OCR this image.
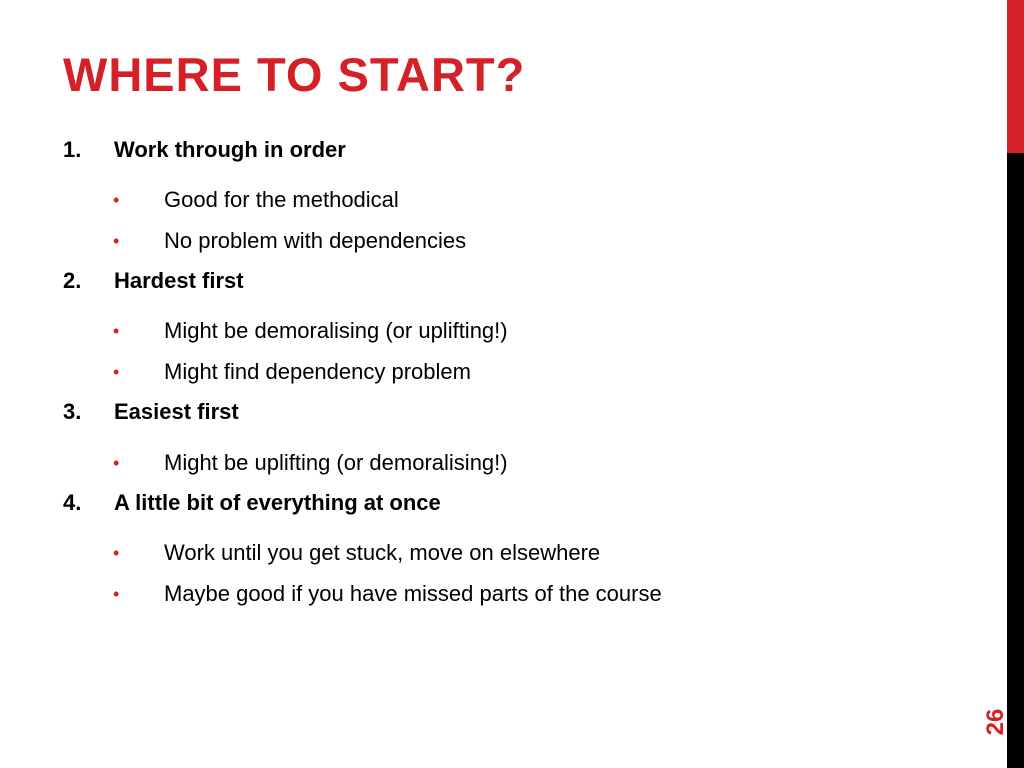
WHERE TO START?
1. Work through in order
• Good for the methodical
• No problem with dependencies
2. Hardest first
• Might be demoralising (or uplifting!)
• Might find dependency problem
3. Easiest first
• Might be uplifting (or demoralising!)
4. A little bit of everything at once
• Work until you get stuck, move on elsewhere
• Maybe good if you have missed parts of the course
26
